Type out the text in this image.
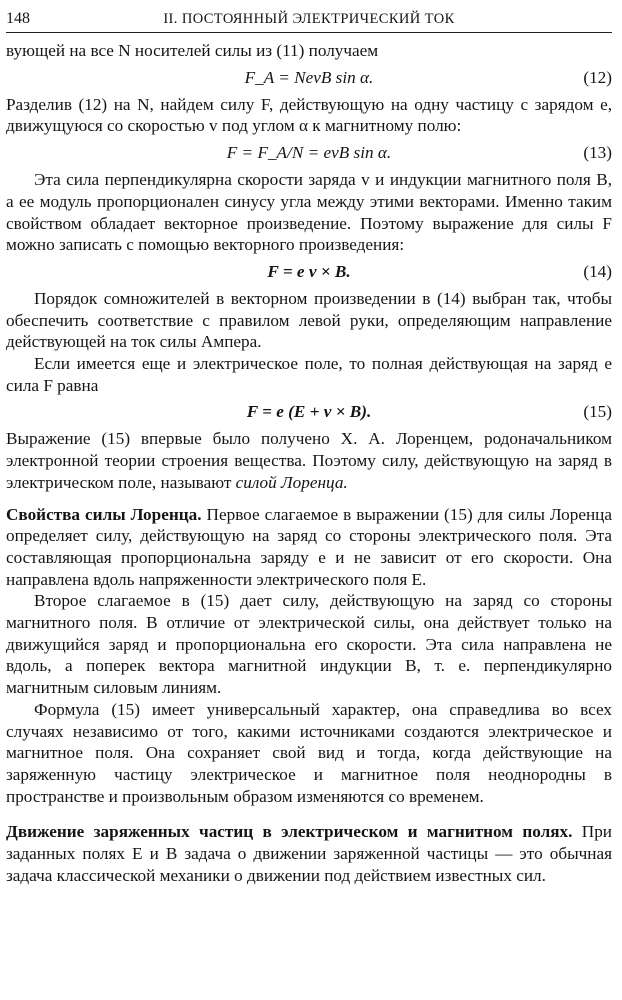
148	II. ПОСТОЯННЫЙ ЭЛЕКТРИЧЕСКИЙ ТОК

вующей на все N носителей силы из (11) получаем

F_A = NevB sin α.	(12)

Разделив (12) на N, найдем силу F, действующую на одну частицу с зарядом e, движущуюся со скоростью v под углом α к магнитному полю:

F = F_A/N = evB sin α.	(13)

Эта сила перпендикулярна скорости заряда v и индукции магнитного поля B, а ее модуль пропорционален синусу угла между этими векторами. Именно таким свойством обладает векторное произведение. Поэтому выражение для силы F можно записать с помощью векторного произведения:

F = e v × B.	(14)

Порядок сомножителей в векторном произведении в (14) выбран так, чтобы обеспечить соответствие с правилом левой руки, определяющим направление действующей на ток силы Ампера.

Если имеется еще и электрическое поле, то полная действующая на заряд e сила F равна

F = e (E + v × B).	(15)

Выражение (15) впервые было получено Х. А. Лоренцем, родоначальником электронной теории строения вещества. Поэтому силу, действующую на заряд в электрическом поле, называют силой Лоренца.

Свойства силы Лоренца. Первое слагаемое в выражении (15) для силы Лоренца определяет силу, действующую на заряд со стороны электрического поля. Эта составляющая пропорциональна заряду e и не зависит от его скорости. Она направлена вдоль напряженности электрического поля E.

Второе слагаемое в (15) дает силу, действующую на заряд со стороны магнитного поля. В отличие от электрической силы, она действует только на движущийся заряд и пропорциональна его скорости. Эта сила направлена не вдоль, а поперек вектора магнитной индукции B, т. е. перпендикулярно магнитным силовым линиям.

Формула (15) имеет универсальный характер, она справедлива во всех случаях независимо от того, какими источниками создаются электрическое и магнитное поля. Она сохраняет свой вид и тогда, когда действующие на заряженную частицу электрическое и магнитное поля неоднородны в пространстве и произвольным образом изменяются со временем.

Движение заряженных частиц в электрическом и магнитном полях. При заданных полях E и B задача о движении заряженной частицы — это обычная задача классической механики о движении под действием известных сил.
